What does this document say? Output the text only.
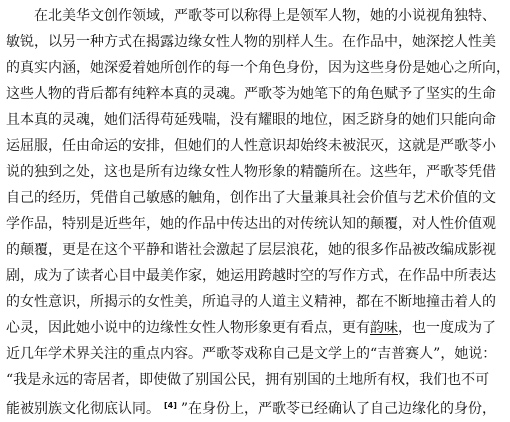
在北美华文创作领域，严歌苓可以称得上是领军人物，她的小说视角独特、
敏锐，以另一种方式在揭露边缘女性人物的别样人生。在作品中，她深挖人性美
的真实内涵，她深爱着她所创作的每一个角色身份，因为这些身份是她心之所向，
这些人物的背后都有纯粹本真的灵魂。严歌苓为她笔下的角色赋予了坚实的生命
且本真的灵魂，她们活得苟延残喘，没有耀眼的地位，困乏跻身的她们只能向命
运屈服，任由命运的安排，但她们的人性意识却始终未被泯灭，这就是严歌苓小
说的独到之处，这也是所有边缘女性人物形象的精髓所在。这些年，严歌苓凭借
自己的经历，凭借自己敏感的触角，创作出了大量兼具社会价值与艺术价值的文
学作品，特别是近些年，她的作品中传达出的对传统认知的颠覆，对人性价值观
的颠覆，更是在这个平静和谐社会激起了层层浪花，她的很多作品被改编成影视
剧，成为了读者心目中最美作家，她运用跨越时空的写作方式，在作品中所表达
的女性意识，所揭示的女性美，所追寻的人道主义精神，都在不断地撞击着人的
心灵，因此她小说中的边缘性女性人物形象更有看点，更有韵味，也一度成为了
近几年学术界关注的重点内容。严歌苓戏称自己是文学上的“吉普赛人”，她说：
“我是永远的寄居者，即使做了别国公民，拥有别国的土地所有权，我们也不可
能被别族文化彻底认同。 [4] ”在身份上，严歌苓已经确认了自己边缘化的身份，
